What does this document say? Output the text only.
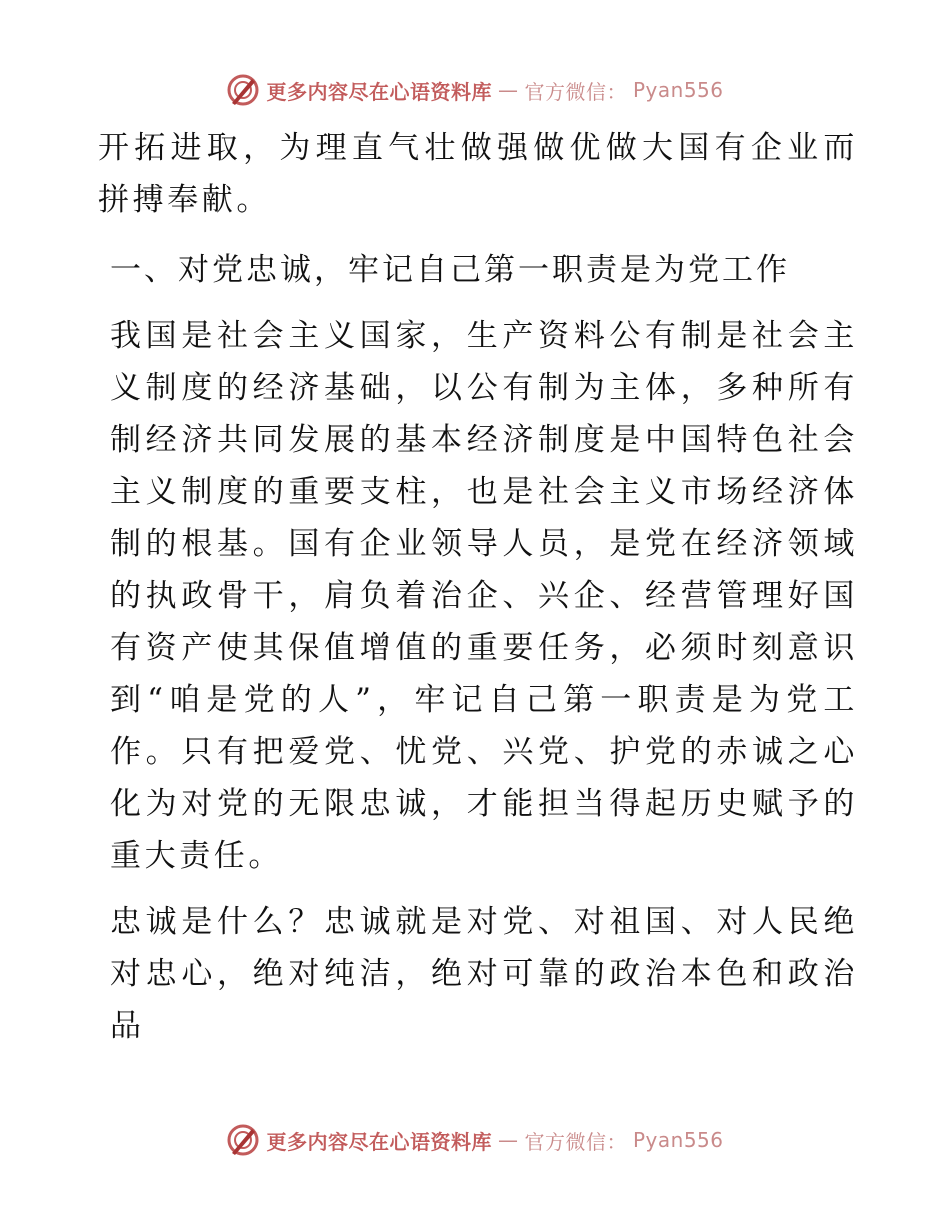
更多内容尽在心语资料库 — 官方微信： Pyan556

开拓进取，为理直气壮做强做优做大国有企业而拼搏奉献。

一、对党忠诚，牢记自己第一职责是为党工作

我国是社会主义国家，生产资料公有制是社会主义制度的经济基础，以公有制为主体，多种所有制经济共同发展的基本经济制度是中国特色社会主义制度的重要支柱，也是社会主义市场经济体制的根基。国有企业领导人员，是党在经济领域的执政骨干，肩负着治企、兴企、经营管理好国有资产使其保值增值的重要任务，必须时刻意识到“咱是党的人”，牢记自己第一职责是为党工作。只有把爱党、忧党、兴党、护党的赤诚之心化为对党的无限忠诚，才能担当得起历史赋予的重大责任。

忠诚是什么？忠诚就是对党、对祖国、对人民绝对忠心，绝对纯洁，绝对可靠的政治本色和政治品

更多内容尽在心语资料库 — 官方微信： Pyan556
